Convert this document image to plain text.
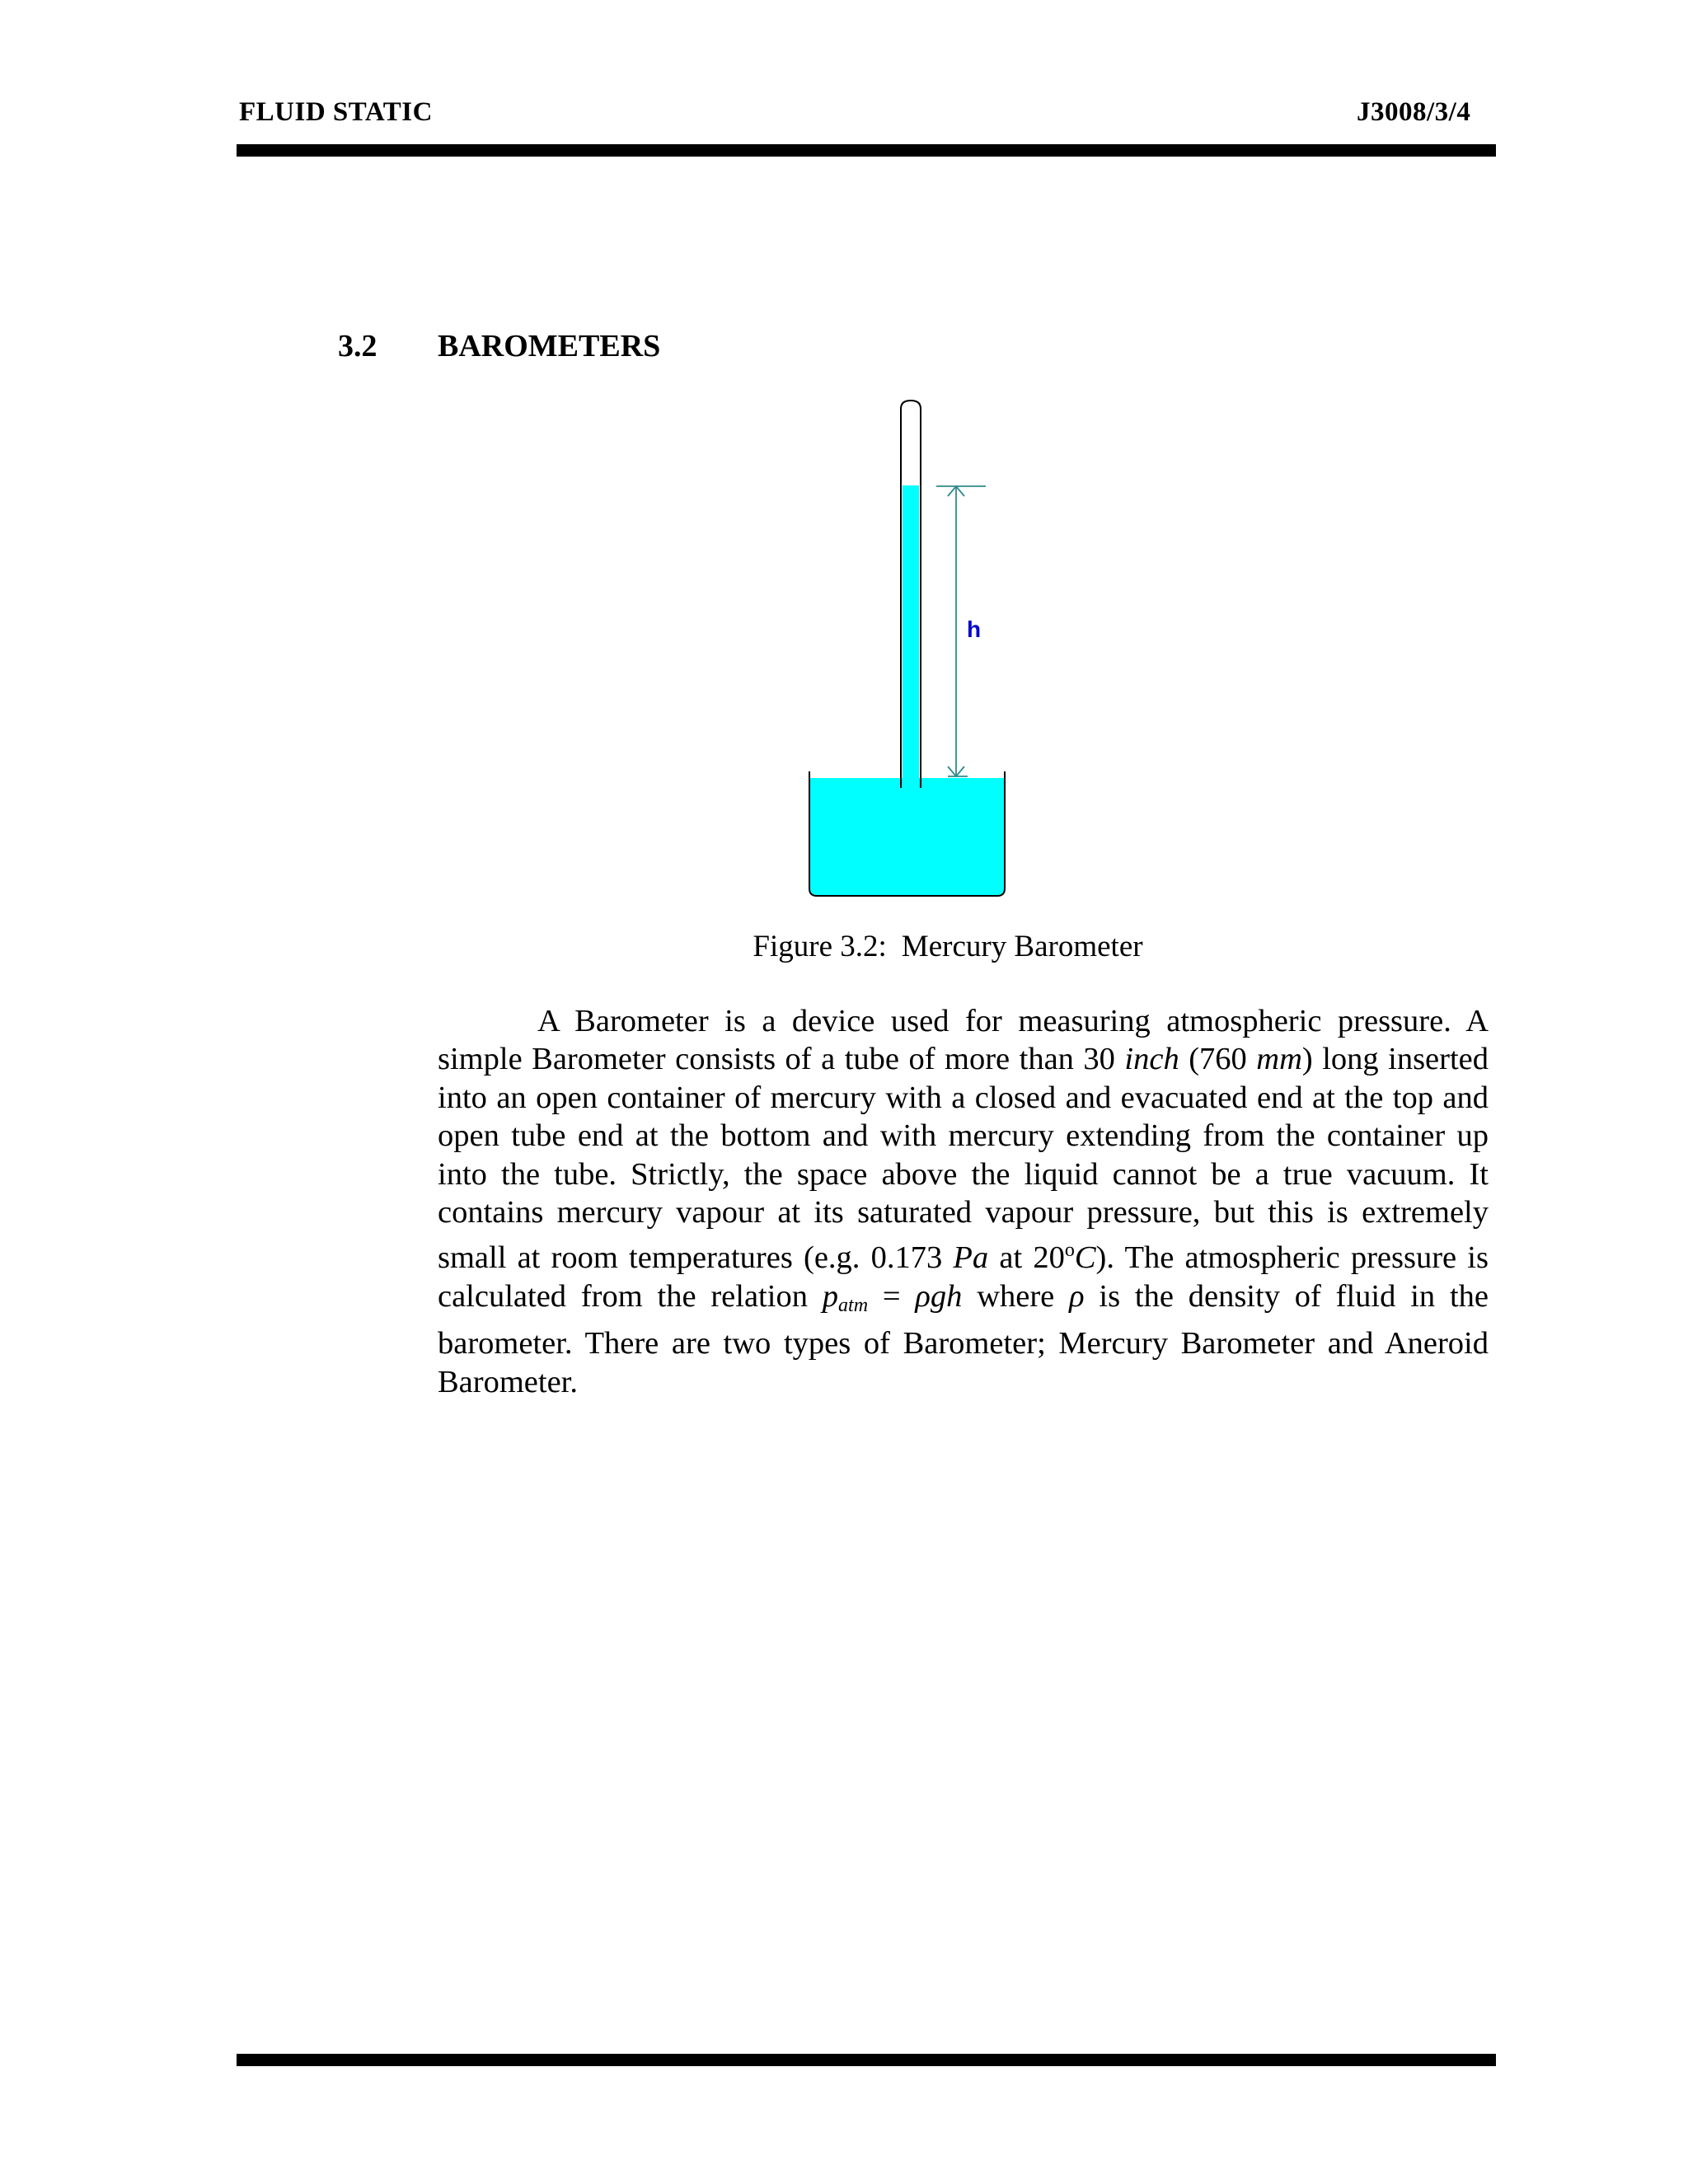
FLUID STATIC	J3008/3/4
3.2 BAROMETERS
h
Figure 3.2: Mercury Barometer
A Barometer is a device used for measuring atmospheric pressure. A simple Barometer consists of a tube of more than 30 inch (760 mm) long inserted into an open container of mercury with a closed and evacuated end at the top and open tube end at the bottom and with mercury extending from the container up into the tube. Strictly, the space above the liquid cannot be a true vacuum. It contains mercury vapour at its saturated vapour pressure, but this is extremely small at room temperatures (e.g. 0.173 Pa at 20$^o$C). The atmospheric pressure is calculated from the relation $p_{atm} = \rho gh$ where ρ is the density of fluid in the barometer. There are two types of Barometer; Mercury Barometer and Aneroid Barometer.
